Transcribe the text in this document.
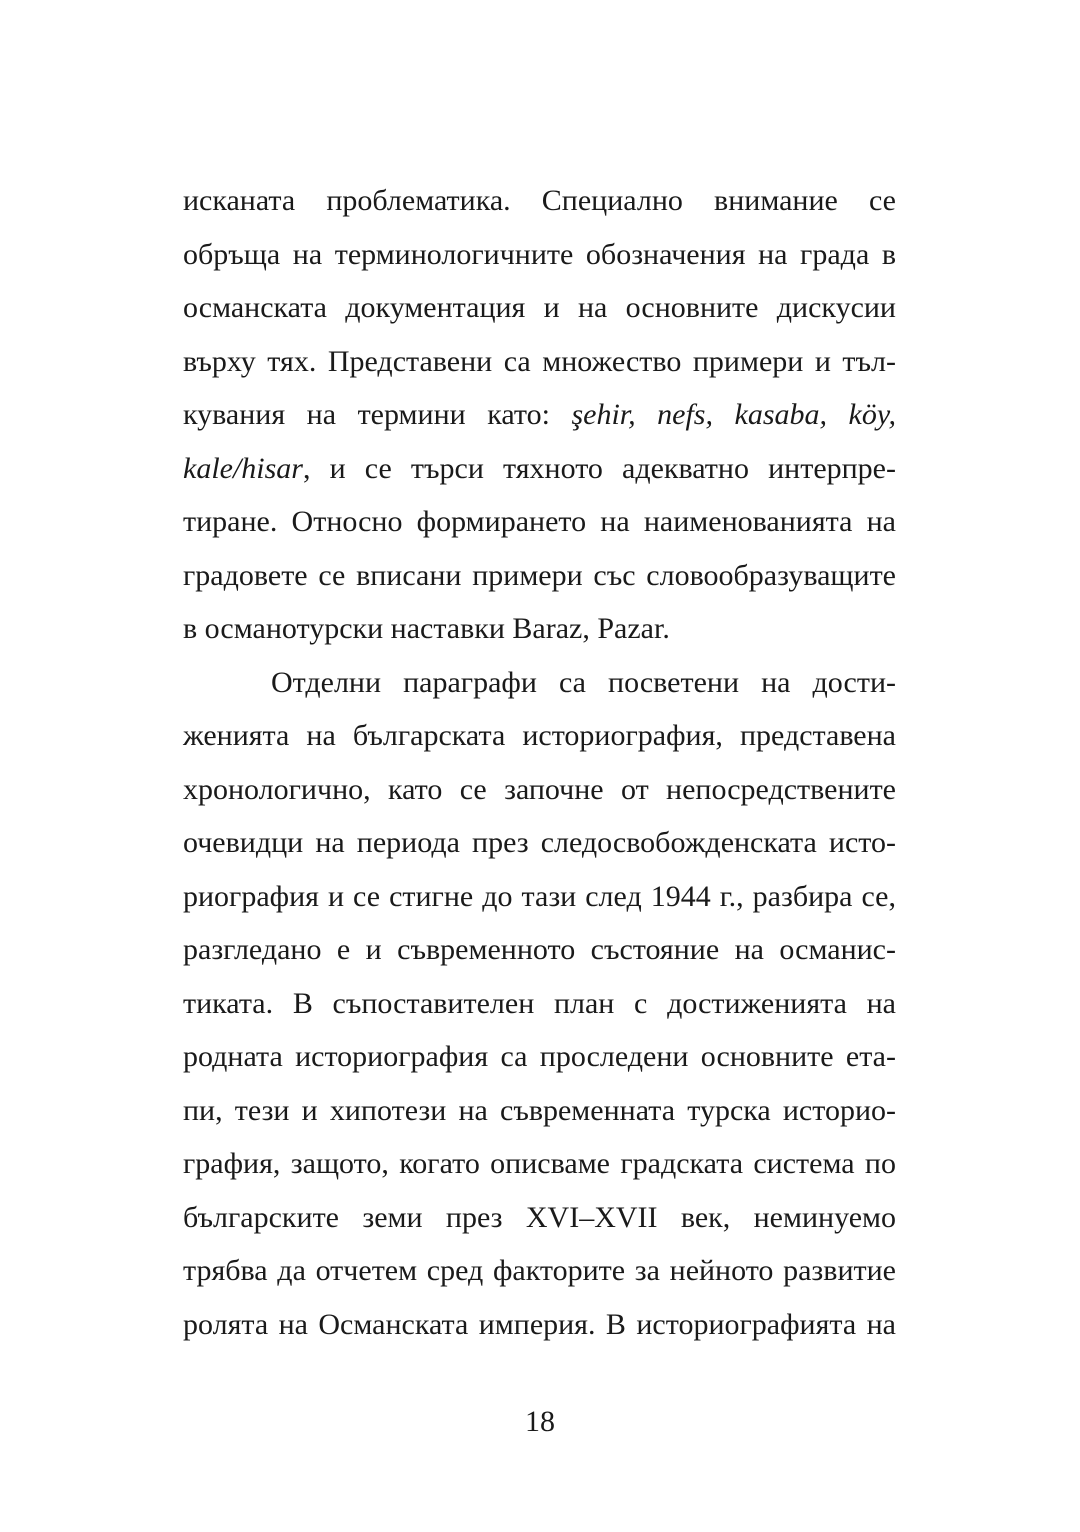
исканата проблематика. Специално внимание се
обръща на терминологичните обозначения на града в
османската документация и на основните дискусии
върху тях. Представени са множество примери и тъл-
кувания на термини като: şehir, nefs, kasaba, köy,
kale/hisar, и се търси тяхното адекватно интерпре-
тиране. Относно формирането на наименованията на
градовете се вписани примери със словообразуващите
в османотурски наставки Baraz, Pazar.
Отделни параграфи са посветени на дости-
женията на българската историография, представена
хронологично, като се започне от непосредствените
очевидци на периода през следосвобожденската исто-
риография и се стигне до тази след 1944 г., разбира се,
разгледано е и съвременното състояние на османис-
тиката. В съпоставителен план с достиженията на
родната историография са проследени основните ета-
пи, тези и хипотези на съвременната турска историо-
графия, защото, когато описваме градската система по
българските земи през XVI–XVII век, неминуемо
трябва да отчетем сред факторите за нейното развитие
ролята на Османската империя. В историографията на
18
